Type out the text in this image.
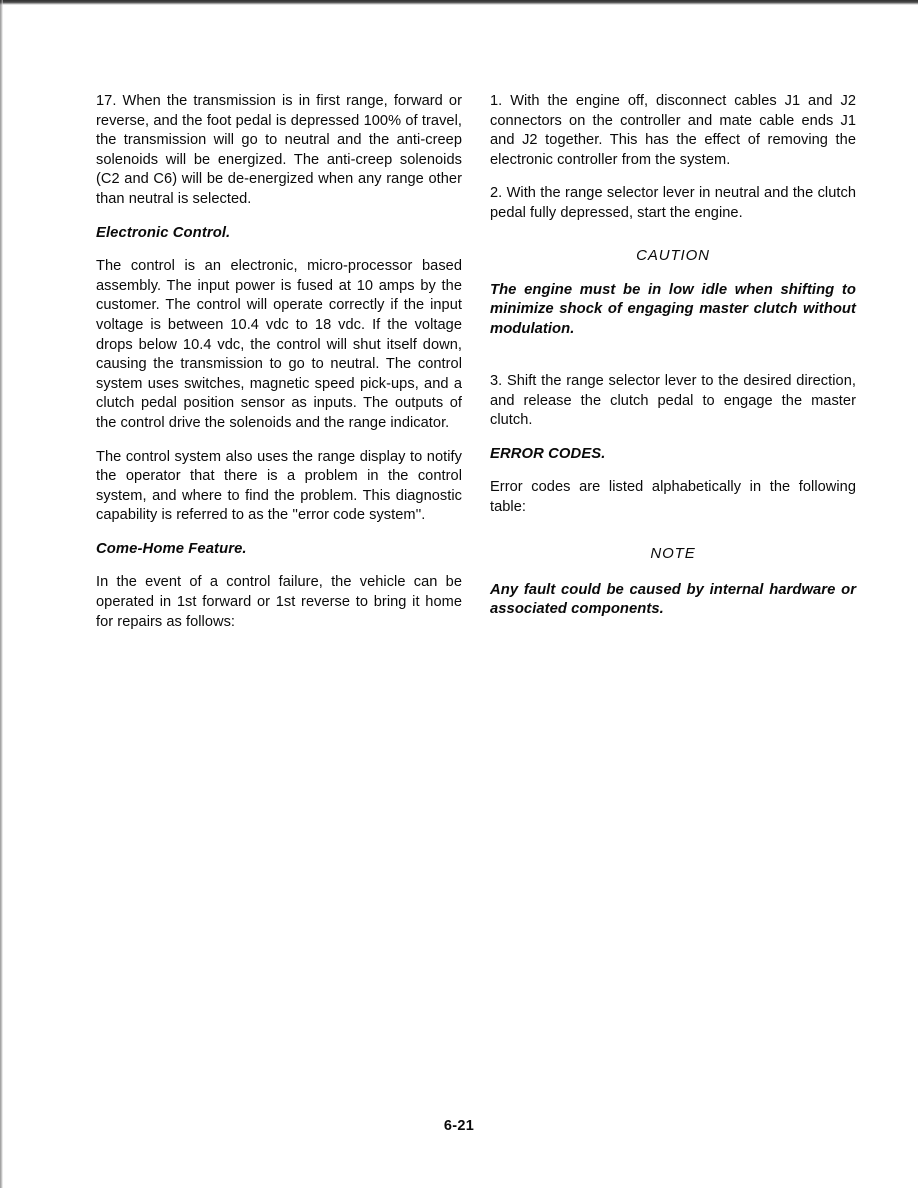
17. When the transmission is in first range, forward or reverse, and the foot pedal is depressed 100% of travel, the transmission will go to neutral and the anti-creep solenoids will be energized. The anti-creep solenoids (C2 and C6) will be de-energized when any range other than neutral is selected.

Electronic Control.

The control is an electronic, micro-processor based assembly. The input power is fused at 10 amps by the customer. The control will operate correctly if the input voltage is between 10.4 vdc to 18 vdc. If the voltage drops below 10.4 vdc, the control will shut itself down, causing the transmission to go to neutral. The control system uses switches, magnetic speed pick-ups, and a clutch pedal position sensor as inputs. The outputs of the control drive the solenoids and the range indicator.

The control system also uses the range display to notify the operator that there is a problem in the control system, and where to find the problem. This diagnostic capability is referred to as the ''error code system''.

Come-Home Feature.

In the event of a control failure, the vehicle can be operated in 1st forward or 1st reverse to bring it home for repairs as follows:

1. With the engine off, disconnect cables J1 and J2 connectors on the controller and mate cable ends J1 and J2 together. This has the effect of removing the electronic controller from the system.

2. With the range selector lever in neutral and the clutch pedal fully depressed, start the engine.

CAUTION

The engine must be in low idle when shifting to minimize shock of engaging master clutch without modulation.

3. Shift the range selector lever to the desired direction, and release the clutch pedal to engage the master clutch.

ERROR CODES.

Error codes are listed alphabetically in the following table:

NOTE

Any fault could be caused by internal hardware or associated components.

6-21
